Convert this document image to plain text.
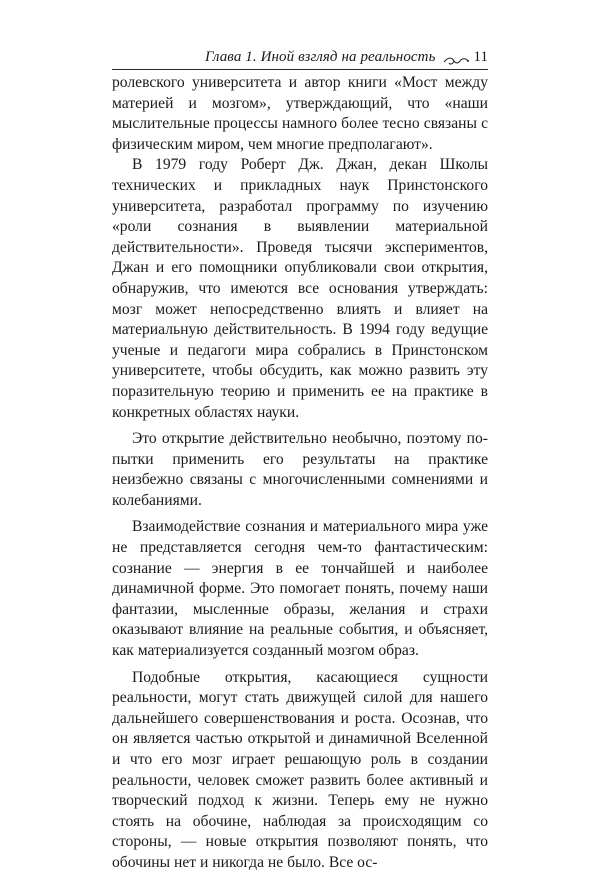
Глава 1. Иной взгляд на реальность	11

ролевского университета и автор книги «Мост между материей и мозгом», утверждающий, что «наши мыслительные процессы намного более тесно связаны с физическим миром, чем многие предполагают».

В 1979 году Роберт Дж. Джан, декан Школы технических и прикладных наук Принстонского университета, разработал программу по изучению «роли сознания в выявлении материальной действительности». Проведя тысячи экспериментов, Джан и его помощники опубликовали свои открытия, обнаружив, что имеются все основания утверждать: мозг может непосредственно влиять и влияет на материальную действительность. В 1994 году ведущие ученые и педагоги мира собрались в Принстонском университете, чтобы обсудить, как можно развить эту поразительную теорию и применить ее на практике в конкретных областях науки.

Это открытие действительно необычно, поэтому попытки применить его результаты на практике неизбежно связаны с многочисленными сомнениями и колебаниями.

Взаимодействие сознания и материального мира уже не представляется сегодня чем-то фантастическим: сознание — энергия в ее тончайшей и наиболее динамичной форме. Это помогает понять, почему наши фантазии, мысленные образы, желания и страхи оказывают влияние на реальные события, и объясняет, как материализуется созданный мозгом образ.

Подобные открытия, касающиеся сущности реальности, могут стать движущей силой для нашего дальнейшего совершенствования и роста. Осознав, что он является частью открытой и динамичной Вселенной и что его мозг играет решающую роль в создании реальности, человек сможет развить более активный и творческий подход к жизни. Теперь ему не нужно стоять на обочине, наблюдая за происходящим со стороны, — новые открытия позволяют понять, что обочины нет и никогда не было. Все ос-
